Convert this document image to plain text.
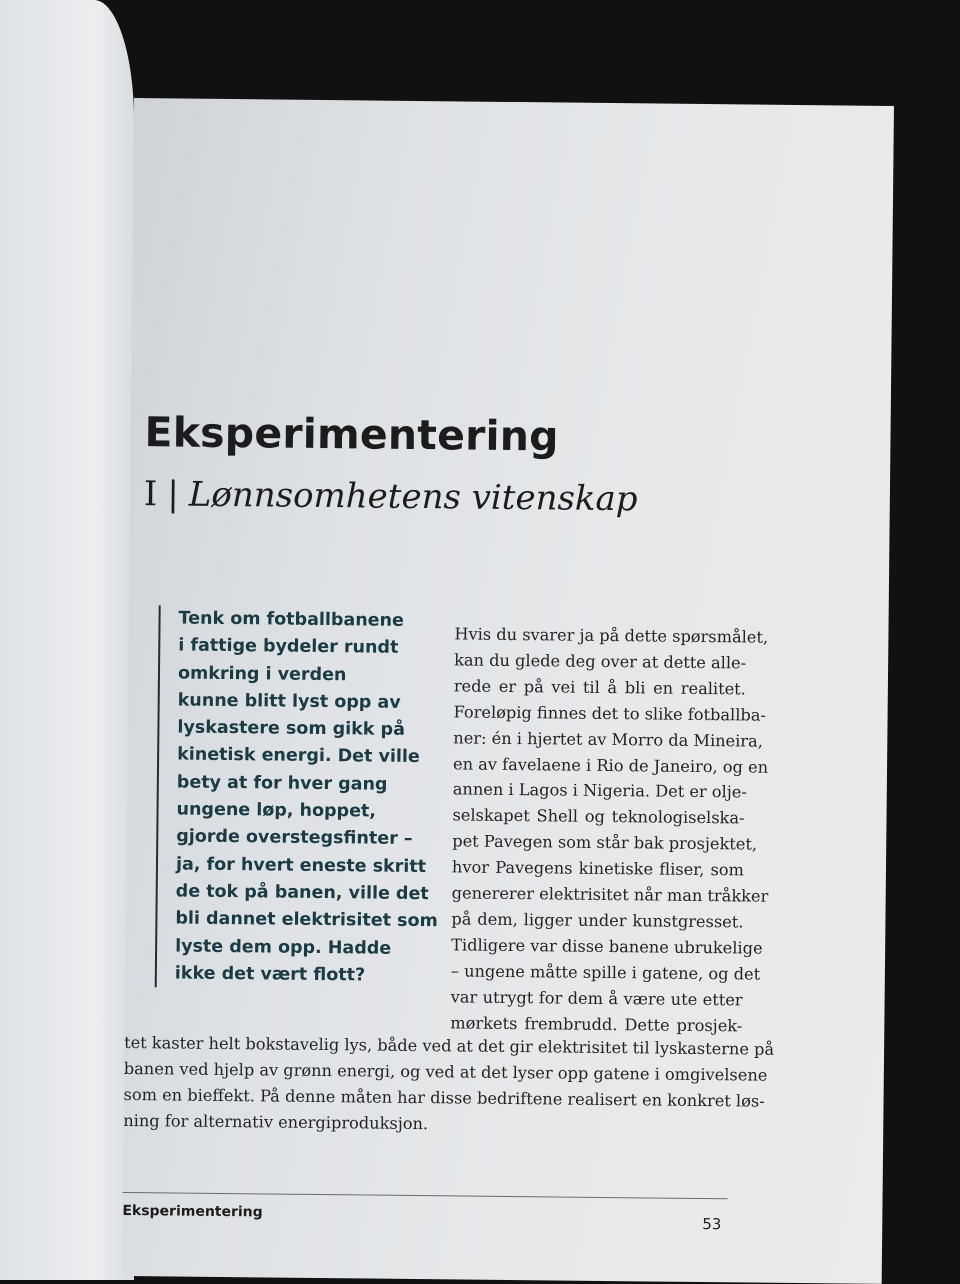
Eksperimentering
I | Lønnsomhetens vitenskap
Tenk om fotballbanene
i fattige bydeler rundt
omkring i verden
kunne blitt lyst opp av
lyskastere som gikk på
kinetisk energi. Det ville
bety at for hver gang
ungene løp, hoppet,
gjorde overstegsfinter –
ja, for hvert eneste skritt
de tok på banen, ville det
bli dannet elektrisitet som
lyste dem opp. Hadde
ikke det vært flott?
Hvis du svarer ja på dette spørsmålet,
kan du glede deg over at dette alle-
rede er på vei til å bli en realitet.
Foreløpig finnes det to slike fotballba-
ner: én i hjertet av Morro da Mineira,
en av favelaene i Rio de Janeiro, og en
annen i Lagos i Nigeria. Det er olje-
selskapet Shell og teknologiselska-
pet Pavegen som står bak prosjektet,
hvor Pavegens kinetiske fliser, som
genererer elektrisitet når man tråkker
på dem, ligger under kunstgresset.
Tidligere var disse banene ubrukelige
– ungene måtte spille i gatene, og det
var utrygt for dem å være ute etter
mørkets frembrudd. Dette prosjek-
tet kaster helt bokstavelig lys, både ved at det gir elektrisitet til lyskasterne på
banen ved hjelp av grønn energi, og ved at det lyser opp gatene i omgivelsene
som en bieffekt. På denne måten har disse bedriftene realisert en konkret løs-
ning for alternativ energiproduksjon.
Eksperimentering
53
